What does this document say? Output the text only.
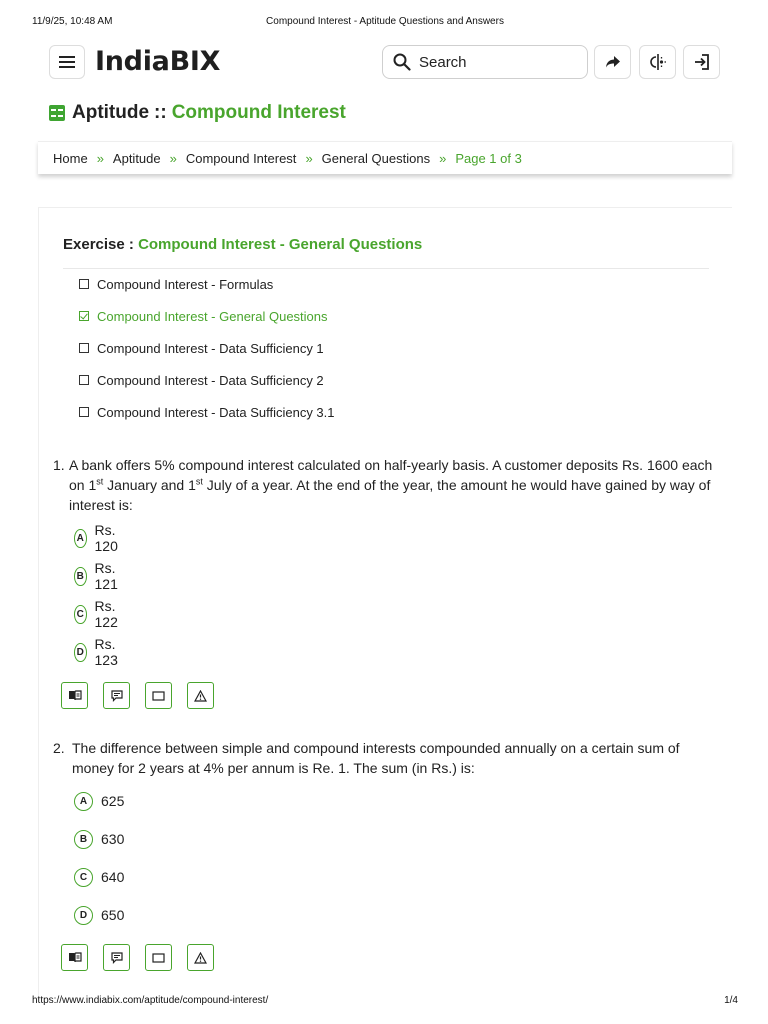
11/9/25, 10:48 AM	Compound Interest - Aptitude Questions and Answers
IndiaBIX	Search
Aptitude :: Compound Interest
Home » Aptitude » Compound Interest » General Questions » Page 1 of 3
Exercise : Compound Interest - General Questions
Compound Interest - Formulas
Compound Interest - General Questions
Compound Interest - Data Sufficiency 1
Compound Interest - Data Sufficiency 2
Compound Interest - Data Sufficiency 3.1

1. A bank offers 5% compound interest calculated on half-yearly basis. A customer deposits Rs. 1600 each on 1st January and 1st July of a year. At the end of the year, the amount he would have gained by way of interest is:

A Rs. 120
B Rs. 121
C Rs. 122
D Rs. 123

2. The difference between simple and compound interests compounded annually on a certain sum of money for 2 years at 4% per annum is Re. 1. The sum (in Rs.) is:

A 625
B 630
C 640
D 650
https://www.indiabix.com/aptitude/compound-interest/	1/4
